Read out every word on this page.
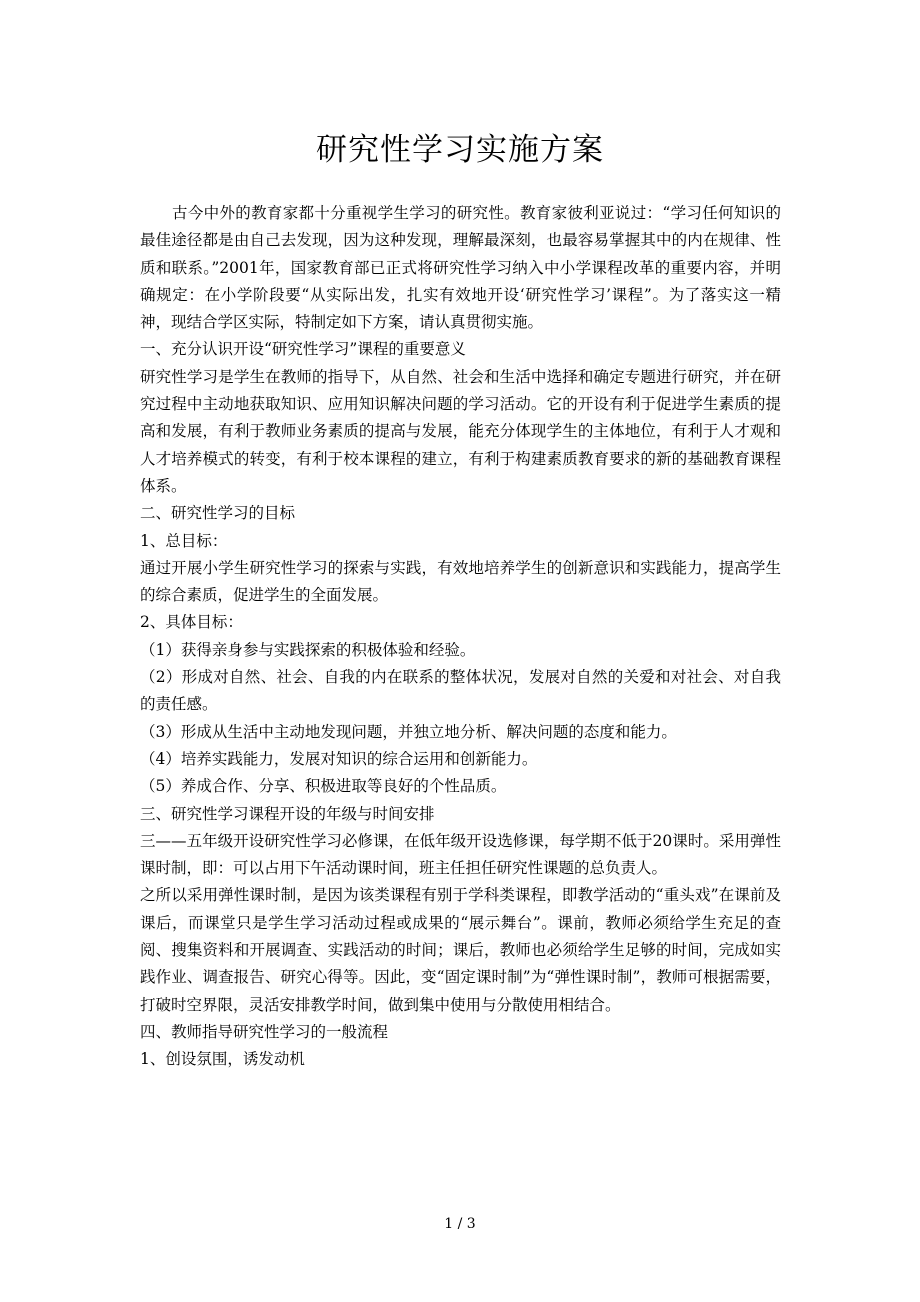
研究性学习实施方案

古今中外的教育家都十分重视学生学习的研究性。教育家彼利亚说过：“学习任何知识的最佳途径都是由自己去发现，因为这种发现，理解最深刻，也最容易掌握其中的内在规律、性质和联系。”2001年，国家教育部已正式将研究性学习纳入中小学课程改革的重要内容，并明确规定：在小学阶段要“从实际出发，扎实有效地开设‘研究性学习’课程”。为了落实这一精神，现结合学区实际，特制定如下方案，请认真贯彻实施。

一、充分认识开设“研究性学习”课程的重要意义

研究性学习是学生在教师的指导下，从自然、社会和生活中选择和确定专题进行研究，并在研究过程中主动地获取知识、应用知识解决问题的学习活动。它的开设有利于促进学生素质的提高和发展，有利于教师业务素质的提高与发展，能充分体现学生的主体地位，有利于人才观和人才培养模式的转变，有利于校本课程的建立，有利于构建素质教育要求的新的基础教育课程体系。

二、研究性学习的目标

1、总目标：

通过开展小学生研究性学习的探索与实践，有效地培养学生的创新意识和实践能力，提高学生的综合素质，促进学生的全面发展。

2、具体目标：

（1）获得亲身参与实践探索的积极体验和经验。

（2）形成对自然、社会、自我的内在联系的整体状况，发展对自然的关爱和对社会、对自我的责任感。

（3）形成从生活中主动地发现问题，并独立地分析、解决问题的态度和能力。

（4）培养实践能力，发展对知识的综合运用和创新能力。

（5）养成合作、分享、积极进取等良好的个性品质。

三、研究性学习课程开设的年级与时间安排

三——五年级开设研究性学习必修课，在低年级开设选修课，每学期不低于20课时。采用弹性课时制，即：可以占用下午活动课时间，班主任担任研究性课题的总负责人。

之所以采用弹性课时制，是因为该类课程有别于学科类课程，即教学活动的“重头戏”在课前及课后，而课堂只是学生学习活动过程或成果的“展示舞台”。课前，教师必须给学生充足的查阅、搜集资料和开展调查、实践活动的时间；课后，教师也必须给学生足够的时间，完成如实践作业、调查报告、研究心得等。因此，变“固定课时制”为“弹性课时制”，教师可根据需要，打破时空界限，灵活安排教学时间，做到集中使用与分散使用相结合。

四、教师指导研究性学习的一般流程

1、创设氛围，诱发动机

1 / 3
